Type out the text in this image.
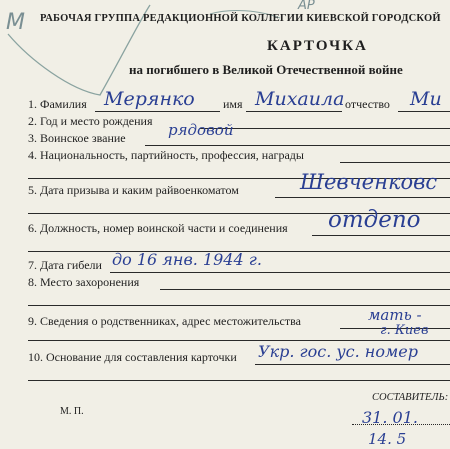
M
AP
РАБОЧАЯ ГРУППА РЕДАКЦИОННОЙ КОЛЛЕГИИ КИЕВСКОЙ ГОРОДСКОЙ
КАРТОЧКА
на погибшего в Великой Отечественной войне
1. Фамилия Мерянко имя Михаила отчество Ми
2. Год и место рождения
3. Воинское звание	рядовой
4. Национальность, партийность, профессия, награды
5. Дата призыва и каким райвоенкоматом	Шевченковс
6. Должность, номер воинской части и соединения отдепо
7. Дата гибели до 16 янв. 1944 г.
8. Место захоронения
9. Сведения о родственниках, адрес местожительства	мать -
г. Киев
10. Основание для составления карточки Укр. гос. ус. номер
СОСТАВИТЕЛЬ:
М. П.	31. 01.
14. 5
